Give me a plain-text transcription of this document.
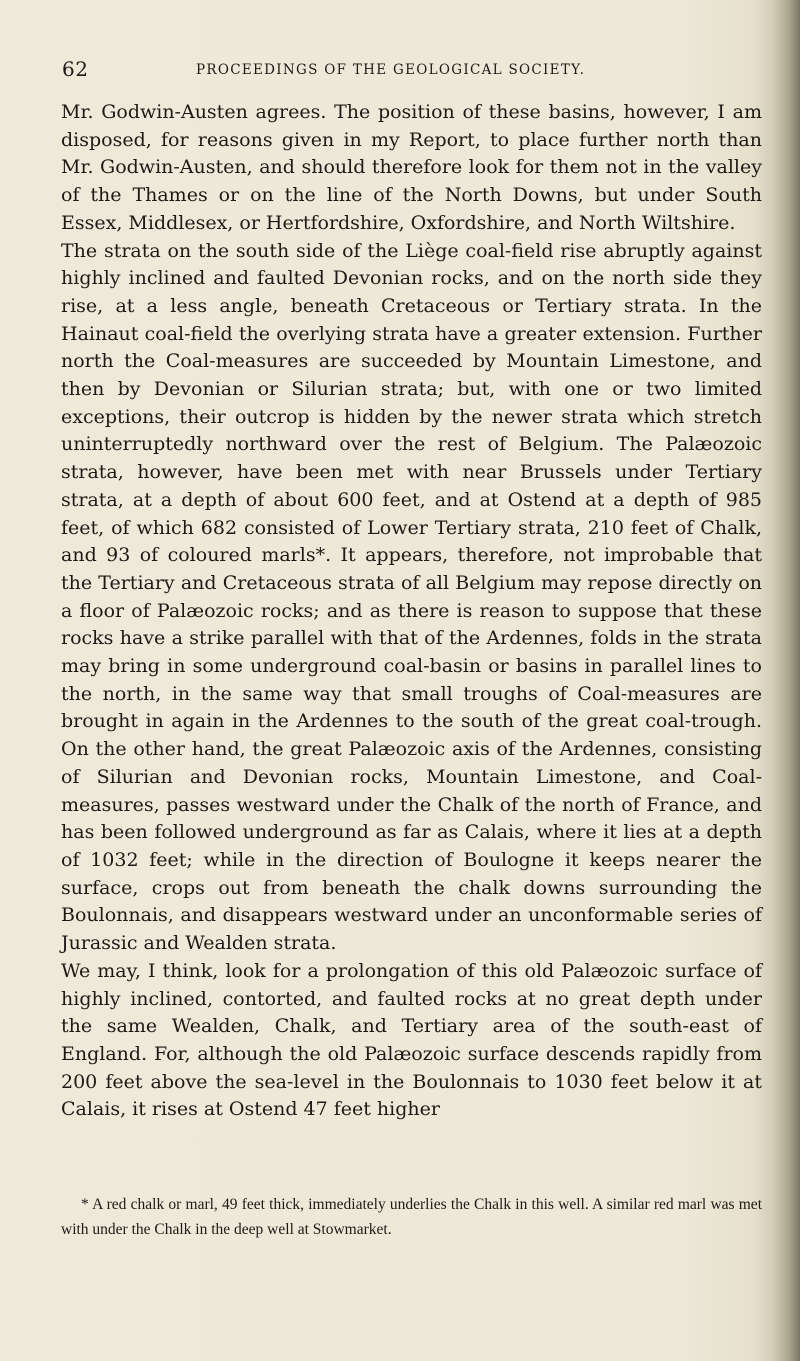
62	PROCEEDINGS OF THE GEOLOGICAL SOCIETY.

Mr. Godwin-Austen agrees. The position of these basins, however, I am disposed, for reasons given in my Report, to place further north than Mr. Godwin-Austen, and should therefore look for them not in the valley of the Thames or on the line of the North Downs, but under South Essex, Middlesex, or Hertfordshire, Oxfordshire, and North Wiltshire.

The strata on the south side of the Liège coal-field rise abruptly against highly inclined and faulted Devonian rocks, and on the north side they rise, at a less angle, beneath Cretaceous or Tertiary strata. In the Hainaut coal-field the overlying strata have a greater extension. Further north the Coal-measures are succeeded by Mountain Limestone, and then by Devonian or Silurian strata; but, with one or two limited exceptions, their outcrop is hidden by the newer strata which stretch uninterruptedly northward over the rest of Belgium. The Palæozoic strata, however, have been met with near Brussels under Tertiary strata, at a depth of about 600 feet, and at Ostend at a depth of 985 feet, of which 682 consisted of Lower Tertiary strata, 210 feet of Chalk, and 93 of coloured marls*. It appears, therefore, not improbable that the Tertiary and Cretaceous strata of all Belgium may repose directly on a floor of Palæozoic rocks; and as there is reason to suppose that these rocks have a strike parallel with that of the Ardennes, folds in the strata may bring in some underground coal-basin or basins in parallel lines to the north, in the same way that small troughs of Coal-measures are brought in again in the Ardennes to the south of the great coal-trough. On the other hand, the great Palæozoic axis of the Ardennes, consisting of Silurian and Devonian rocks, Mountain Limestone, and Coal-measures, passes westward under the Chalk of the north of France, and has been followed underground as far as Calais, where it lies at a depth of 1032 feet; while in the direction of Boulogne it keeps nearer the surface, crops out from beneath the chalk downs surrounding the Boulonnais, and disappears westward under an unconformable series of Jurassic and Wealden strata.

We may, I think, look for a prolongation of this old Palæozoic surface of highly inclined, contorted, and faulted rocks at no great depth under the same Wealden, Chalk, and Tertiary area of the south-east of England. For, although the old Palæozoic surface descends rapidly from 200 feet above the sea-level in the Boulonnais to 1030 feet below it at Calais, it rises at Ostend 47 feet higher

* A red chalk or marl, 49 feet thick, immediately underlies the Chalk in this well. A similar red marl was met with under the Chalk in the deep well at Stowmarket.
